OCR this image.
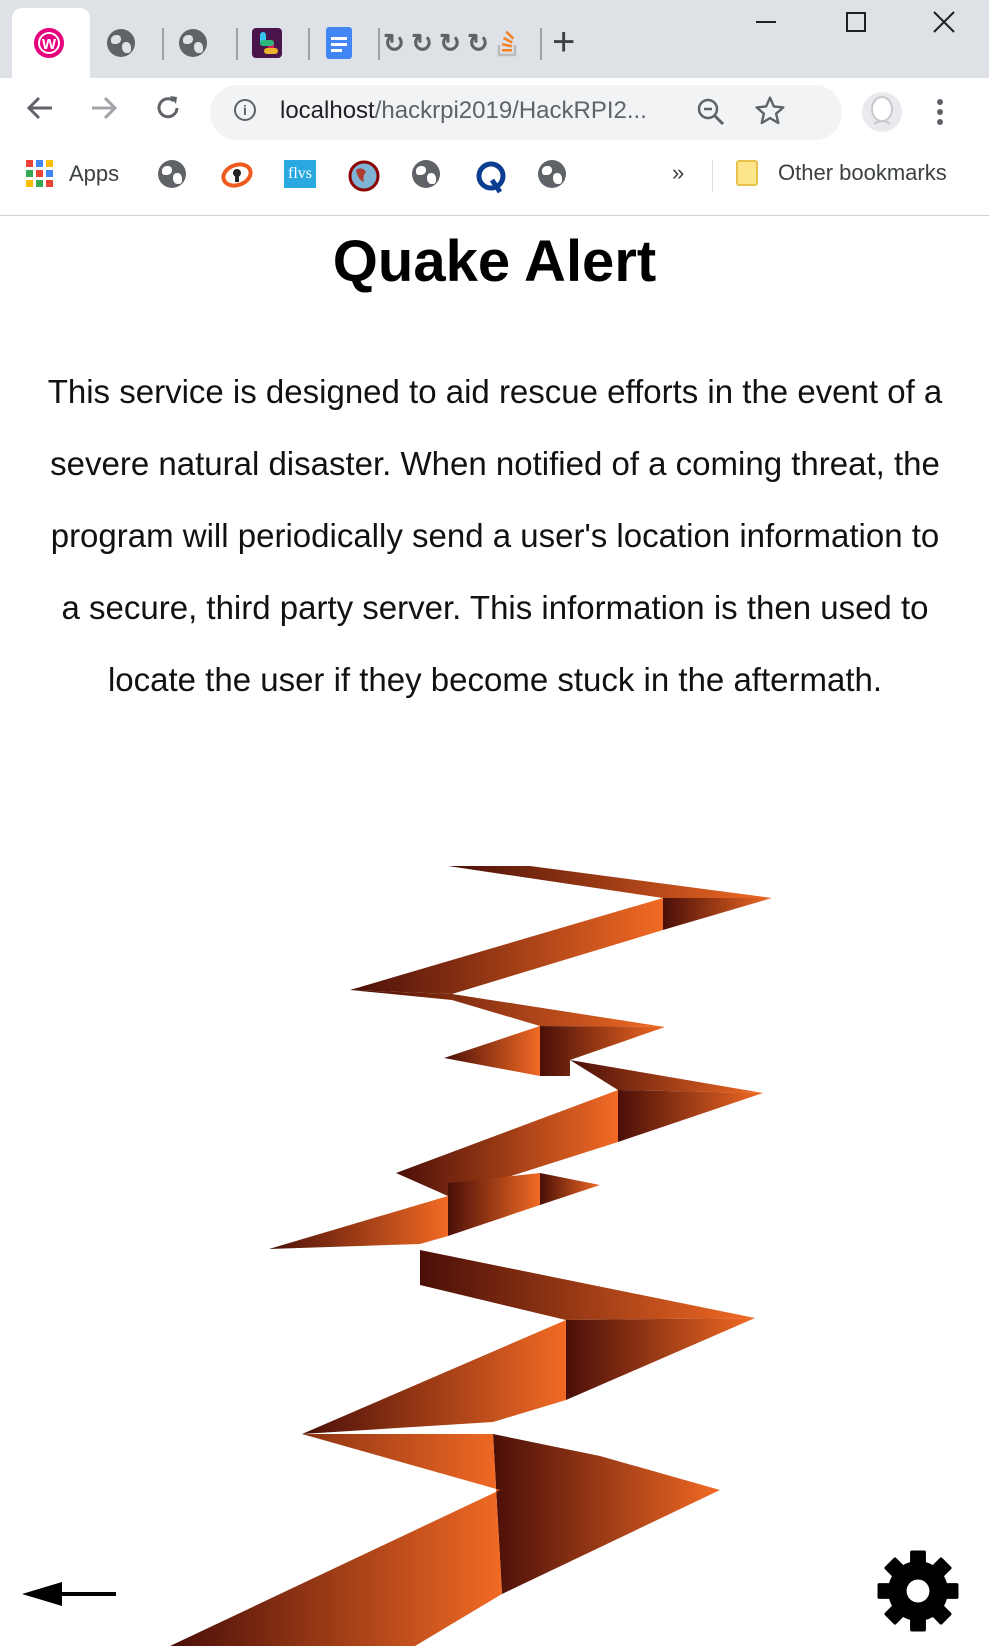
w	↻ ↻ ↻ ↻ +
i	localhost/hackrpi2019/HackRPI2...
Apps	flvs	»	Other bookmarks
Quake Alert

This service is designed to aid rescue efforts in the event of a severe natural disaster. When notified of a coming threat, the program will periodically send a user's location information to a secure, third party server. This information is then used to locate the user if they become stuck in the aftermath.
